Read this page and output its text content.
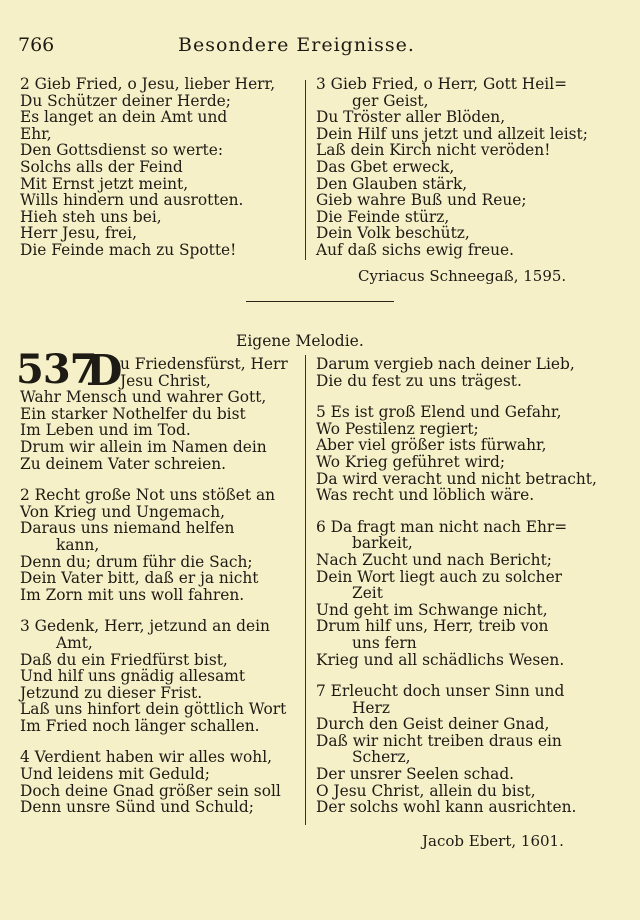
766	Besondere Ereignisse.
2 Gieb Fried, o Jesu, lieber Herr,
Du Schützer deiner Herde;
Es langet an dein Amt und
Ehr,
Den Gottsdienst so werte:
Solchs alls der Feind
Mit Ernst jetzt meint,
Wills hindern und ausrotten.
Hieh steh uns bei,
Herr Jesu, frei,
Die Feinde mach zu Spotte!
3 Gieb Fried, o Herr, Gott Heil=
ger Geist,
Du Tröster aller Blöden,
Dein Hilf uns jetzt und allzeit leist;
Laß dein Kirch nicht veröden!
Das Gbet erweck,
Den Glauben stärk,
Gieb wahre Buß und Reue;
Die Feinde stürz,
Dein Volk beschütz,
Auf daß sichs ewig freue.
Cyriacus Schneegaß, 1595.
Eigene Melodie.
537
D
u Friedensfürst, Herr
Jesu Christ,
Wahr Mensch und wahrer Gott,
Ein starker Nothelfer du bist
Im Leben und im Tod.
Drum wir allein im Namen dein
Zu deinem Vater schreien.
2 Recht große Not uns stößet an
Von Krieg und Ungemach,
Daraus uns niemand helfen
kann,
Denn du; drum führ die Sach;
Dein Vater bitt, daß er ja nicht
Im Zorn mit uns woll fahren.
3 Gedenk, Herr, jetzund an dein
Amt,
Daß du ein Friedfürst bist,
Und hilf uns gnädig allesamt
Jetzund zu dieser Frist.
Laß uns hinfort dein göttlich Wort
Im Fried noch länger schallen.
4 Verdient haben wir alles wohl,
Und leidens mit Geduld;
Doch deine Gnad größer sein soll
Denn unsre Sünd und Schuld;
Darum vergieb nach deiner Lieb,
Die du fest zu uns trägest.
5 Es ist groß Elend und Gefahr,
Wo Pestilenz regiert;
Aber viel größer ists fürwahr,
Wo Krieg geführet wird;
Da wird veracht und nicht betracht,
Was recht und löblich wäre.
6 Da fragt man nicht nach Ehr=
barkeit,
Nach Zucht und nach Bericht;
Dein Wort liegt auch zu solcher
Zeit
Und geht im Schwange nicht,
Drum hilf uns, Herr, treib von
uns fern
Krieg und all schädlichs Wesen.
7 Erleucht doch unser Sinn und
Herz
Durch den Geist deiner Gnad,
Daß wir nicht treiben draus ein
Scherz,
Der unsrer Seelen schad.
O Jesu Christ, allein du bist,
Der solchs wohl kann ausrichten.
Jacob Ebert, 1601.
